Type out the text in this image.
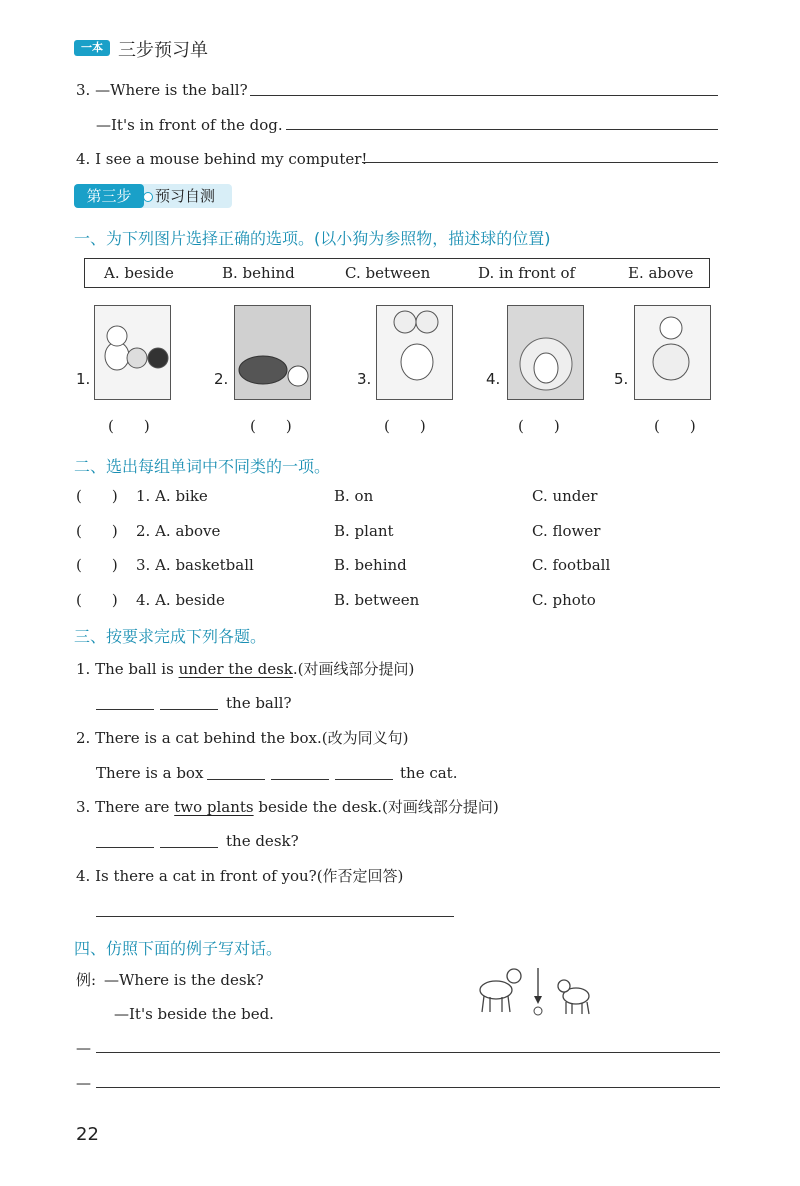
一本 三步预习单
3. —Where is the ball?
—It's in front of the dog.
4. I see a mouse behind my computer!
第三步	预习自测
一、为下列图片选择正确的选项。(以小狗为参照物，描述球的位置)
A. beside	B. behind	C. between	D. in front of	E. above
1.	2.	3.	4.	5.
(　　)	(　　)	(　　)	(　　)	(　　)
二、选出每组单词中不同类的一项。
(　　) 1. A. bike	B. on	C. under
(　　) 2. A. above	B. plant	C. flower
(　　) 3. A. basketball	B. behind	C. football
(　　) 4. A. beside	B. between	C. photo
三、按要求完成下列各题。
1. The ball is under the desk.(对画线部分提问)
the ball?
2. There is a cat behind the box.(改为同义句)
There is a box	the cat.
3. There are two plants beside the desk.(对画线部分提问)
the desk?
4. Is there a cat in front of you?(作否定回答)
四、仿照下面的例子写对话。
例: —Where is the desk?
—It's beside the bed.
—
—
22
